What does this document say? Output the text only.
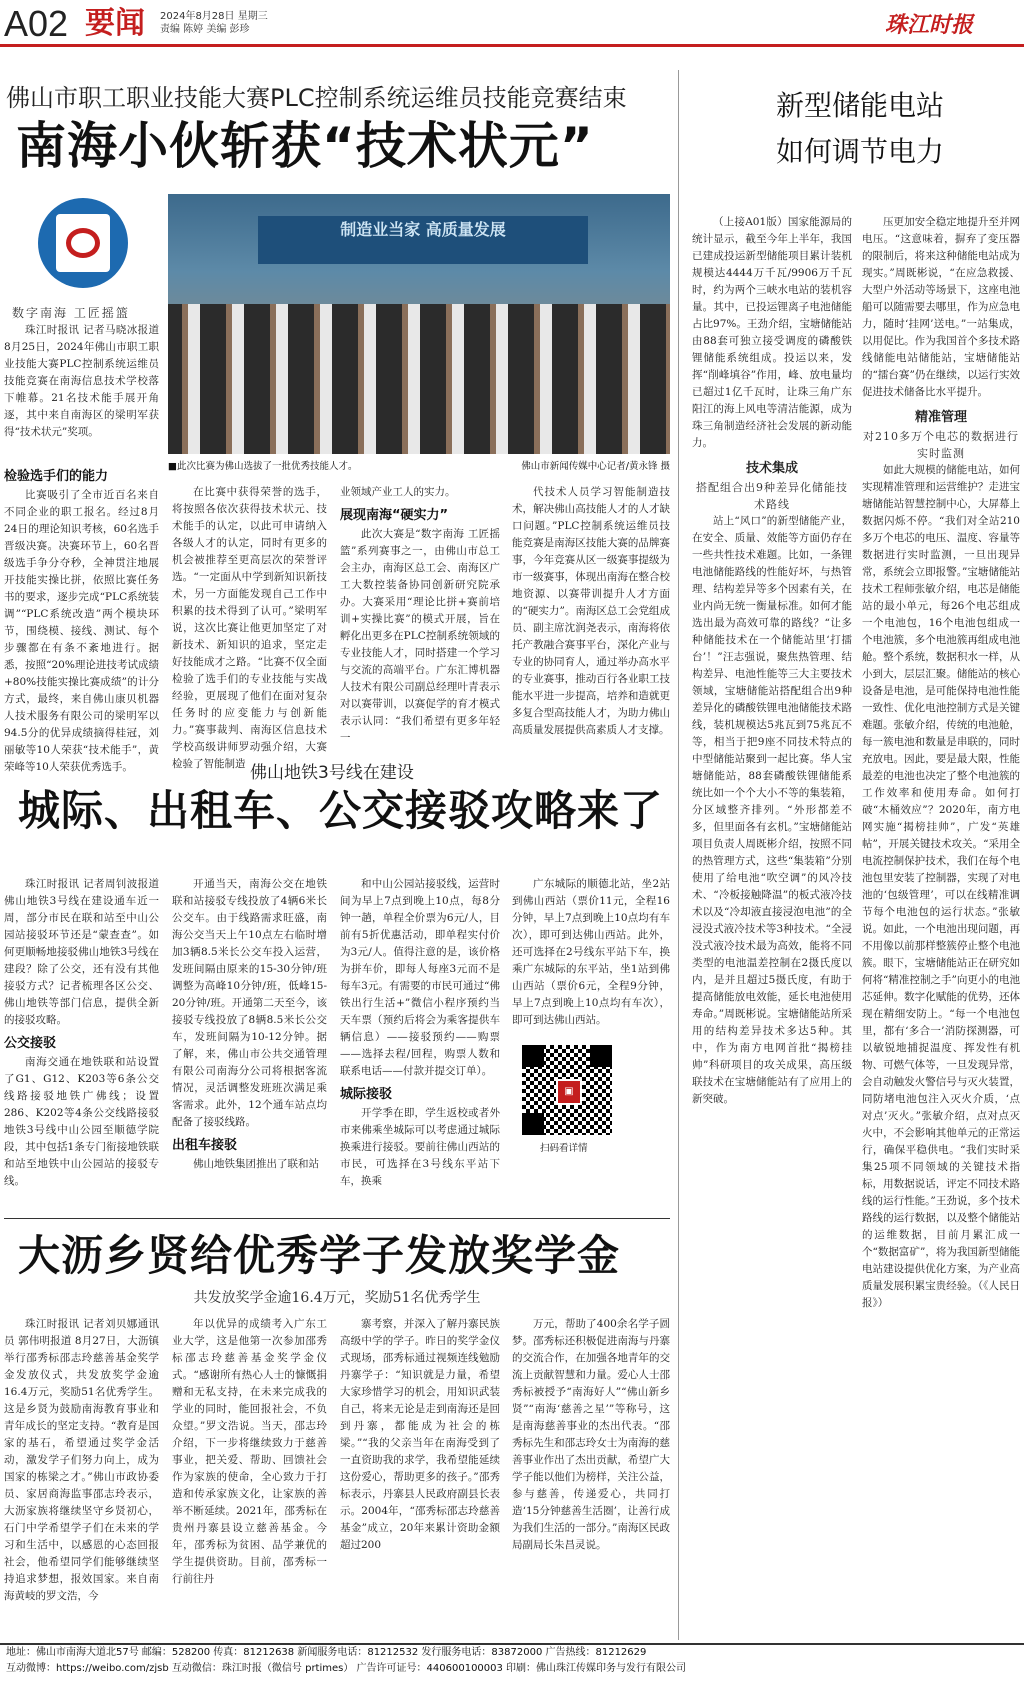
A02 要闻 2024年8月28日 星期三
责编 陈婷 美编 彭珍	珠江时报
佛山市职工职业技能大赛PLC控制系统运维员技能竞赛结束
南海小伙斩获“技术状元”
数字南海 工匠摇篮

珠江时报讯 记者马晓冰报道 8月25日，2024年佛山市职工职业技能大赛PLC控制系统运维员技能竞赛在南海信息技术学校落下帷幕。21名技术能手展开角逐，其中来自南海区的梁明军获得“技术状元”奖项。

制造业当家 高质量发展
■此次比赛为佛山选拔了一批优秀技能人才。	佛山市新闻传媒中心记者/黄永锋 摄
检验选手们的能力

比赛吸引了全市近百名来自不同企业的职工报名。经过8月24日的理论知识考核，60名选手晋级决赛。决赛环节上，60名晋级选手争分夺秒，全神贯注地展开技能实操比拼，依照比赛任务书的要求，逐步完成“PLC系统装调”“PLC系统改造”两个模块环节，围绕模、接线、测试、每个步骤都在有条不紊地进行。据悉，按照“20%理论进技考试成绩+80%技能实操比赛成绩”的计分方式，最终，来自佛山康贝机器人技术服务有限公司的梁明军以94.5分的优异成绩摘得桂冠，刘丽敏等10人荣获“技术能手”，黄荣峰等10人荣获优秀选手。

在比赛中获得荣誉的选手，将按照各依次获得技术状元、技术能手的认定，以此可申请纳入各级人才的认定，同时有更多的机会被推荐至更高层次的荣誉评选。“一定面从中学到新知识新技术，另一方面能发现自己工作中积累的技术得到了认可。”梁明军说，这次比赛让他更加坚定了对新技术、新知识的追求，坚定走好技能成才之路。“比赛不仅全面检验了选手们的专业技能与实战经验，更展现了他们在面对复杂任务时的应变能力与创新能力。”赛事裁判、南海区信息技术学校高级讲师罗动强介绍，大赛检验了智能制造

业领域产业工人的实力。
展现南海“硬实力”

此次大赛是“数字南海 工匠摇篮”系列赛事之一，由佛山市总工会主办，南海区总工会、南海区广工大数控装备协同创新研究院承办。大赛采用“理论比拼+赛前培训+实操比赛”的模式开展，旨在孵化出更多在PLC控制系统领域的专业技能人才，同时搭建一个学习与交流的高端平台。广东汇博机器人技术有限公司副总经理叶青表示对以赛带训，以赛促学的育才模式表示认同：“我们希望有更多年轻一

代技术人员学习智能制造技术，解决佛山高技能人才的人才缺口问题。”PLC控制系统运维员技能竞赛是南海区技能大赛的品牌赛事，今年竞赛从区一级赛事提级为市一级赛事，体现出南海在整合校地资源、以赛带训提升人才方面的“硬实力”。南海区总工会党组成员、副主席沈润尧表示，南海将依托产教融合赛事平台，深化产业与专业的协同育人，通过举办高水平的专业赛事，推动百行各业职工技能水平进一步提高，培养和造就更多复合型高技能人才，为助力佛山高质量发展提供高素质人才支撑。

佛山地铁3号线在建设
城际、出租车、公交接驳攻略来了

珠江时报讯 记者周钊波报道 佛山地铁3号线在建设通车近一周，部分市民在联和站至中山公园站接驳环节还是“蒙查查”。如何更顺畅地接驳佛山地铁3号线在建段？除了公交，还有没有其他接驳方式？记者梳理各区公交、佛山地铁等部门信息，提供全新的接驳攻略。

公交接驳

南海交通在地铁联和站设置了G1、G12、K203等6条公交线路接驳地铁广佛线；设置286、K202等4条公交线路接驳地铁3号线中山公园至顺德学院段，其中包括1条专门衔接地铁联和站至地铁中山公园站的接驳专线。

开通当天，南海公交在地铁联和站接驳专线投放了4辆6米长公交车。由于线路需求旺盛，南海公交当天上午10点左右临时增加3辆8.5米长公交车投入运营，发班间隔由原来的15-30分钟/班调整为高峰10分钟/班，低峰15-20分钟/班。开通第二天至今，该接驳专线投放了8辆8.5米长公交车，发班间隔为10-12分钟。据了解，来，佛山市公共交通管理有限公司南海分公司将根据客流情况，灵活调整发班班次满足乘客需求。此外，12个通车站点均配备了接驳线路。

出租车接驳

佛山地铁集团推出了联和站

和中山公园站接驳线，运营时间为早上7点到晚上10点，每8分钟一趟，单程全价票为6元/人，目前有5折优惠活动，即单程实付价为3元/人。值得注意的是，该价格为拼车价，即每人每座3元而不是每车3元。有需要的市民可通过“佛铁出行生活+”微信小程序预约当天车票（预约后将会为乘客提供车辆信息）——接驳预约——购票——选择去程/回程，购票人数和联系电话——付款并提交订单）。

城际接驳

开学季在即，学生返校或者外市来佛乘坐城际可以考虑通过城际换乘进行接驳。要前往佛山西站的市民，可选择在3号线东平站下车，换乘

广东城际的顺德北站，坐2站到佛山西站（票价11元，全程16分钟，早上7点到晚上10点均有车次），即可到达佛山西站。此外，还可选择在2号线东平站下车，换乘广东城际的东平站，坐1站到佛山西站（票价6元，全程9分钟，早上7点到晚上10点均有车次），即可到达佛山西站。

▣
扫码看详情
大沥乡贤给优秀学子发放奖学金
共发放奖学金逾16.4万元，奖励51名优秀学生

珠江时报讯 记者刘贝娜通讯员 郭伟明报道 8月27日，大沥镇举行邵秀标邵志玲慈善基金奖学金发放仪式，共发放奖学金逾16.4万元，奖励51名优秀学生。这是乡贤为鼓励南海教育事业和青年成长的坚定支持。“教育是国家的基石，希望通过奖学金活动，激发学子们努力向上，成为国家的栋梁之才。”佛山市政协委员、家居商海监事邵志玲表示，大沥家族将继续坚守乡贤初心，石门中学希望学子们在未来的学习和生活中，以感恩的心态回报社会，他希望同学们能够继续坚持追求梦想，报效国家。来自南海黄岐的罗文浩，今

年以优异的成绩考入广东工业大学，这是他第一次参加邵秀标邵志玲慈善基金奖学金仪式。“感谢所有热心人士的慷慨捐赠和无私支持，在未来完成我的学业的同时，能回报社会，不负众望。”罗文浩说。当天，邵志玲介绍，下一步将继续致力于慈善事业，把关爱、帮助、回馈社会作为家族的使命，全心致力于打造和传承家族文化，让家族的善举不断延续。2021年，邵秀标在贵州丹寨县设立慈善基金。今年，邵秀标为贫困、品学兼优的学生提供资助。目前，邵秀标一行前往丹

寨考察，并深入了解丹寨民族高级中学的学子。昨日的奖学金仪式现场，邵秀标通过视频连线勉励丹寨学子：“知识就是力量，希望大家珍惜学习的机会，用知识武装自己，将来无论是走到南海还是回到丹寨，都能成为社会的栋梁。”“我的父亲当年在南海受到了一直资助我的求学，我希望能延续这份爱心，帮助更多的孩子。”邵秀标表示，丹寨县人民政府副县长表示。2004年，“邵秀标邵志玲慈善基金”成立，20年来累计资助金额超过200

万元，帮助了400余名学子圆梦。邵秀标还积极促进南海与丹寨的交流合作，在加强各地青年的交流上贡献智慧和力量。爱心人士邵秀标被授予“南海好人”“佛山新乡贤”“南海‘慈善之星’”等称号，这是南海慈善事业的杰出代表。“邵秀标先生和邵志玲女士为南海的慈善事业作出了杰出贡献，希望广大学子能以他们为榜样，关注公益，参与慈善，传递爱心，共同打造‘15分钟慈善生活圈’，让善行成为我们生活的一部分。”南海区民政局副局长朱昌灵说。

新型储能电站
如何调节电力

（上接A01版）国家能源局的统计显示，截至今年上半年，我国已建成投运新型储能项目累计装机规模达4444万千瓦/9906万千瓦时，约为两个三峡水电站的装机容量。其中，已投运锂离子电池储能占比97%。王劲介绍，宝塘储能站由88套可独立接受调度的磷酸铁锂储能系统组成。投运以来，发挥“削峰填谷”作用，峰、放电量均已超过1亿千瓦时，让珠三角广东阳江的海上风电等清洁能源，成为珠三角制造经济社会发展的新动能力。

技术集成
搭配组合出9种差异化储能技术路线

站上“风口”的新型储能产业，在安全、质量、效能等方面仍存在一些共性技术难题。比如，一条锂电池储能路线的性能好坏，与热管理、结构差异等多个因素有关，在业内尚无统一衡量标准。如何才能选出最为高效可靠的路线？“让多种储能技术在一个储能站里‘打擂台’！”汪志强说，聚焦热管理、结构差异、电池性能等三大主要技术领域，宝塘储能站搭配组合出9种差异化的磷酸铁锂电池储能技术路线，装机规模达5兆瓦到75兆瓦不等，相当于把9座不同技术特点的中型储能站聚到一起比赛。华人宝塘储能站，88套磷酸铁锂储能系统比如一个个大小不等的集装箱，分区域整齐排列。“外形都差不多，但里面各有玄机。”宝塘储能站项目负责人周既彬介绍，按照不同的热管理方式，这些“集装箱”分别使用了给电池“吹空调”的风冷技术、“冷板接触降温”的板式液冷技术以及“冷却液直接浸泡电池”的全浸没式液冷技术等3种技术。“全浸没式液冷技术最为高效，能将不同类型的电池温差控制在2摄氏度以内，是并且超过5摄氏度，有助于提高储能放电效能，延长电池使用寿命。”周既彬说。宝塘储能站所采用的结构差异技术多达5种。其中，作为南方电网首批“揭榜挂帅”科研项目的攻关成果，高压级联技术在宝塘储能站有了应用上的新突破。

压更加安全稳定地提升至并网电压。“这意味着，摒弃了变压器的限制后，将来这种储能电站成为现实。”周既彬说，“在应急救援、大型户外活动等场景下，这座电池船可以随需要去哪里，作为应急电力，随时‘挂网’送电。”一站集成，以用促比。作为我国首个多技术路线储能电站储能站，宝塘储能站的“擂台赛”仍在继续，以运行实效促进技术储备比水平提升。

精准管理
对210多万个电芯的数据进行实时监测

如此大规模的储能电站，如何实现精准管理和运营维护？走进宝塘储能站智慧控制中心，大屏幕上数据闪烁不停。“我们对全站210多万个电芯的电压、温度、容量等数据进行实时监测，一旦出现异常，系统会立即报警。”宝塘储能站技术工程师张敏介绍，电芯是储能站的最小单元，每26个电芯组成一个电池包，16个电池包组成一个电池簇，多个电池簇再组成电池舱。整个系统，数据积水一样，从小到大，层层汇聚。储能站的核心设备是电池，是可能保持电池性能一致性、优化电池控制方式是关键难题。张敏介绍，传统的电池舱，每一簇电池和数量是串联的，同时充放电。因此，要是最大限，性能最差的电池也决定了整个电池簇的工作效率和使用寿命。如何打破“木桶效应”？2020年，南方电网实施“揭榜挂帅”，广发“英雄帖”，开展关键技术攻关。“采用全电流控制保护技术，我们在每个电池包里安装了控制器，实现了对电池的‘包级管理’，可以在线精准调节每个电池包的运行状态。”张敏说。如此，一个电池出现问题，再不用像以前那样整簇停止整个电池簇。眼下，宝塘储能站正在研究如何将“精准控制之手”向更小的电池芯延伸。数字化赋能的优势，还体现在精细安防上。“每一个电池包里，都有‘多合一’消防探测器，可以敏锐地捕捉温度、挥发性有机物、可燃气体等，一旦发现异常，会自动触发火警信号与灭火装置，同防堵电池包注入灭火介质，‘点对点’灭火。”张敏介绍，点对点灭火中，不会影响其他单元的正常运行，确保平稳供电。“我们实时采集25项不同领域的关键技术指标，用数据说话，评定不同技术路线的运行性能。”王劲说，多个技术路线的运行数据，以及整个储能站的运维数据，目前月累汇成一个“数据富矿”，将为我国新型储能电站建设提供优化方案，为产业高质量发展积累宝贵经验。（《人民日报》）

地址：佛山市南海大道北57号 邮编：528200 传真：81212638 新闻服务电话：81212532 发行服务电话：83872000 广告热线：81212629
互动微博：https://weibo.com/zjsb 互动微信：珠江时报（微信号 prtimes） 广告许可证号：440600100003 印刷：佛山珠江传媒印务与发行有限公司
